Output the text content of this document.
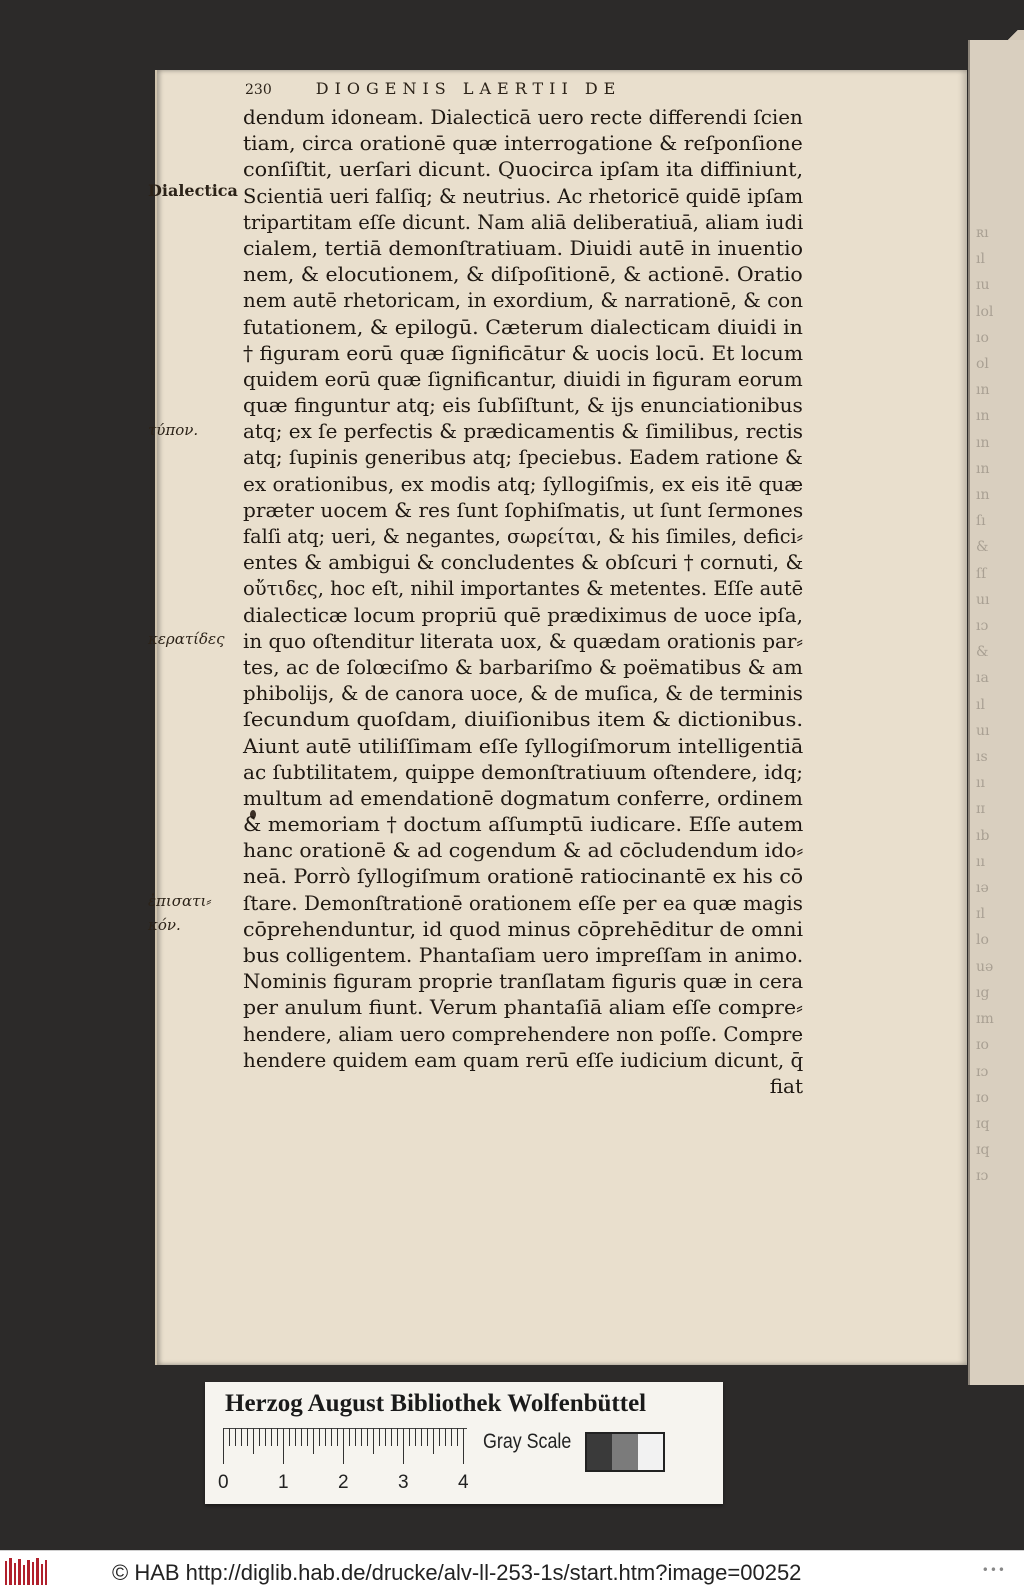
ʀı
ıl
ɪu
lol
ıo
ol
ın
ın
ın
ın
ın
ſı
&
ſſ
uı
ıɔ
&
ıa
ıl
uı
ıs
ıı
ɪɪ
ıb
ıı
ıə
ɪl
lo
uə
ıg
ɪm
ɪo
ɪɔ
ɪo
ɪq
ɪq
ɪɔ
230	DIOGENIS LAERTII DE
Dialectica
τύπον.
κερατίδες
ἐπισατι⸗
κόν.
dendum idoneam. Dialecticā uero recte differendi ſcien
tiam, circa orationē quæ interrogatione & reſponſione
conſiſtit, uerſari dicunt. Quocirca ipſam ita diffiniunt,
Scientiā ueri falſiq; & neutrius. Ac rhetoricē quidē ipſam
tripartitam eſſe dicunt. Nam aliā deliberatiuā, aliam iudi
cialem, tertiā demonſtratiuam. Diuidi autē in inuentio
nem, & elocutionem, & diſpoſitionē, & actionē. Oratio
nem autē rhetoricam, in exordium, & narrationē, & con
futationem, & epilogū. Cæterum dialecticam diuidi in
† figuram eorū quæ ſignificātur & uocis locū. Et locum
quidem eorū quæ ſignificantur, diuidi in figuram eorum
quæ finguntur atq; eis ſubſiſtunt, & ijs enunciationibus
atq; ex ſe perfectis & prædicamentis & ſimilibus, rectis
atq; ſupinis generibus atq; ſpeciebus. Eadem ratione &
ex orationibus, ex modis atq; ſyllogiſmis, ex eis itē quæ
præter uocem & res ſunt ſophiſmatis, ut ſunt ſermones
falſi atq; ueri, & negantes, σωρείται, & his ſimiles, defici⸗
entes & ambigui & concludentes & obſcuri † cornuti, &
οὔτιδες, hoc eſt, nihil importantes & metentes. Eſſe autē
dialecticæ locum propriū quē prædiximus de uoce ipſa,
in quo oſtenditur literata uox, & quædam orationis par⸗
tes, ac de ſolœciſmo & barbariſmo & poëmatibus & am
phibolijs, & de canora uoce, & de muſica, & de terminis
ſecundum quoſdam, diuiſionibus item & dictionibus.
Aiunt autē utiliſſimam eſſe ſyllogiſmorum intelligentiā
ac ſubtilitatem, quippe demonſtratiuum oſtendere, idq;
multum ad emendationē dogmatum conferre, ordinem
& memoriam † doctum aſſumptū iudicare. Eſſe autem
hanc orationē & ad cogendum & ad cōcludendum ido⸗
neā. Porrò ſyllogiſmum orationē ratiocinantē ex his cō
ſtare. Demonſtrationē orationem eſſe per ea quæ magis
cōprehenduntur, id quod minus cōprehēditur de omni
bus colligentem. Phantaſiam uero impreſſam in animo.
Nominis figuram proprie tranſlatam figuris quæ in cera
per anulum fiunt. Verum phantaſiā aliam eſſe compre⸗
hendere, aliam uero comprehendere non poſſe. Compre
hendere quidem eam quam rerū eſſe iudicium dicunt, q̄
fiat
Herzog August Bibliothek Wolfenbüttel
0	1	2	3	4
Gray Scale
© HAB http://diglib.hab.de/drucke/alv-ll-253-1s/start.htm?image=00252	•••
